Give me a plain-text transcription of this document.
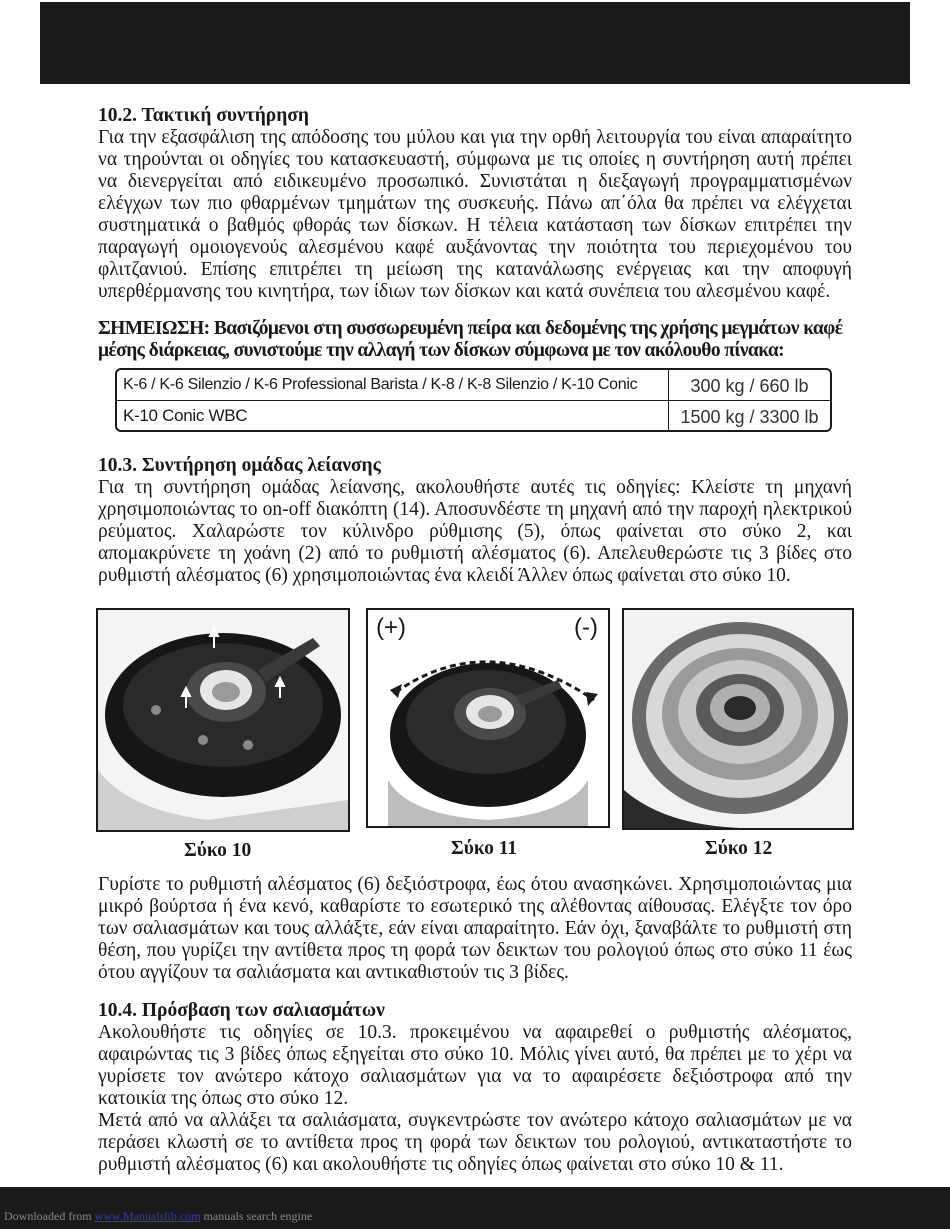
10.2. Τακτική συντήρηση
Για την εξασφάλιση της απόδοσης του μύλου και για την ορθή λειτουργία του είναι απαραίτητο να τηρούνται οι οδηγίες του κατασκευαστή, σύμφωνα με τις οποίες η συντήρηση αυτή πρέπει να διενεργείται από ειδικευμένο προσωπικό. Συνιστάται η διεξαγωγή προγραμματισμένων ελέγχων των πιο φθαρμένων τμημάτων της συσκευής. Πάνω απ΄όλα θα πρέπει να ελέγχεται συστηματικά ο βαθμός φθοράς των δίσκων. Η τέλεια κατάσταση των δίσκων επιτρέπει την παραγωγή ομοιογενούς αλεσμένου καφέ αυξάνοντας την ποιότητα του περιεχομένου του φλιτζανιού. Επίσης επιτρέπει τη μείωση της κατανάλωσης ενέργειας και την αποφυγή υπερθέρμανσης του κινητήρα, των ίδιων των δίσκων και κατά συνέπεια του αλεσμένου καφέ.
ΣΗΜΕΙΩΣΗ: Βασιζόμενοι στη συσσωρευμένη πείρα και δεδομένης της χρήσης μεγμάτων καφέ μέσης διάρκειας, συνιστούμε την αλλαγή των δίσκων σύμφωνα με τον ακόλουθο πίνακα:
K-6 / K-6 Silenzio / K-6 Professional Barista / K-8 / K-8 Silenzio / K-10 Conic	300 kg / 660 lb
K-10 Conic WBC	1500 kg / 3300 lb
10.3. Συντήρηση ομάδας λείανσης
Για τη συντήρηση ομάδας λείανσης, ακολουθήστε αυτές τις οδηγίες: Κλείστε τη μηχανή χρησιμοποιώντας το on-off διακόπτη (14). Αποσυνδέστε τη μηχανή από την παροχή ηλεκτρικού ρεύματος. Χαλαρώστε τον κύλινδρο ρύθμισης (5), όπως φαίνεται στο σύκο 2, και απομακρύνετε τη χοάνη (2) από το ρυθμιστή αλέσματος (6). Απελευθερώστε τις 3 βίδες στο ρυθμιστή αλέσματος (6) χρησιμοποιώντας ένα κλειδί Άλλεν όπως φαίνεται στο σύκο 10.
Σύκο 10
(+)	(-)
Σύκο 11	Σύκο 12
Γυρίστε το ρυθμιστή αλέσματος (6) δεξιόστροφα, έως ότου ανασηκώνει. Χρησιμοποιώντας μια μικρό βούρτσα ή ένα κενό, καθαρίστε το εσωτερικό της αλέθοντας αίθουσας. Ελέγξτε τον όρο των σαλιασμάτων και τους αλλάξτε, εάν είναι απαραίτητο. Εάν όχι, ξαναβάλτε το ρυθμιστή στη θέση, που γυρίζει την αντίθετα προς τη φορά των δεικτων του ρολογιού όπως στο σύκο 11 έως ότου αγγίζουν τα σαλιάσματα και αντικαθιστούν τις 3 βίδες.
10.4. Πρόσβαση των σαλιασμάτων
Ακολουθήστε τις οδηγίες σε 10.3. προκειμένου να αφαιρεθεί ο ρυθμιστής αλέσματος, αφαιρώντας τις 3 βίδες όπως εξηγείται στο σύκο 10. Μόλις γίνει αυτό, θα πρέπει με το χέρι να γυρίσετε τον ανώτερο κάτοχο σαλιασμάτων για να το αφαιρέσετε δεξιόστροφα από την κατοικία της όπως στο σύκο 12.
Μετά από να αλλάξει τα σαλιάσματα, συγκεντρώστε τον ανώτερο κάτοχο σαλιασμάτων με να περάσει κλωστή σε το αντίθετα προς τη φορά των δεικτων του ρολογιού, αντικαταστήστε το ρυθμιστή αλέσματος (6) και ακολουθήστε τις οδηγίες όπως φαίνεται στο σύκο 10 & 11.
Downloaded from www.Manualslib.com manuals search engine
